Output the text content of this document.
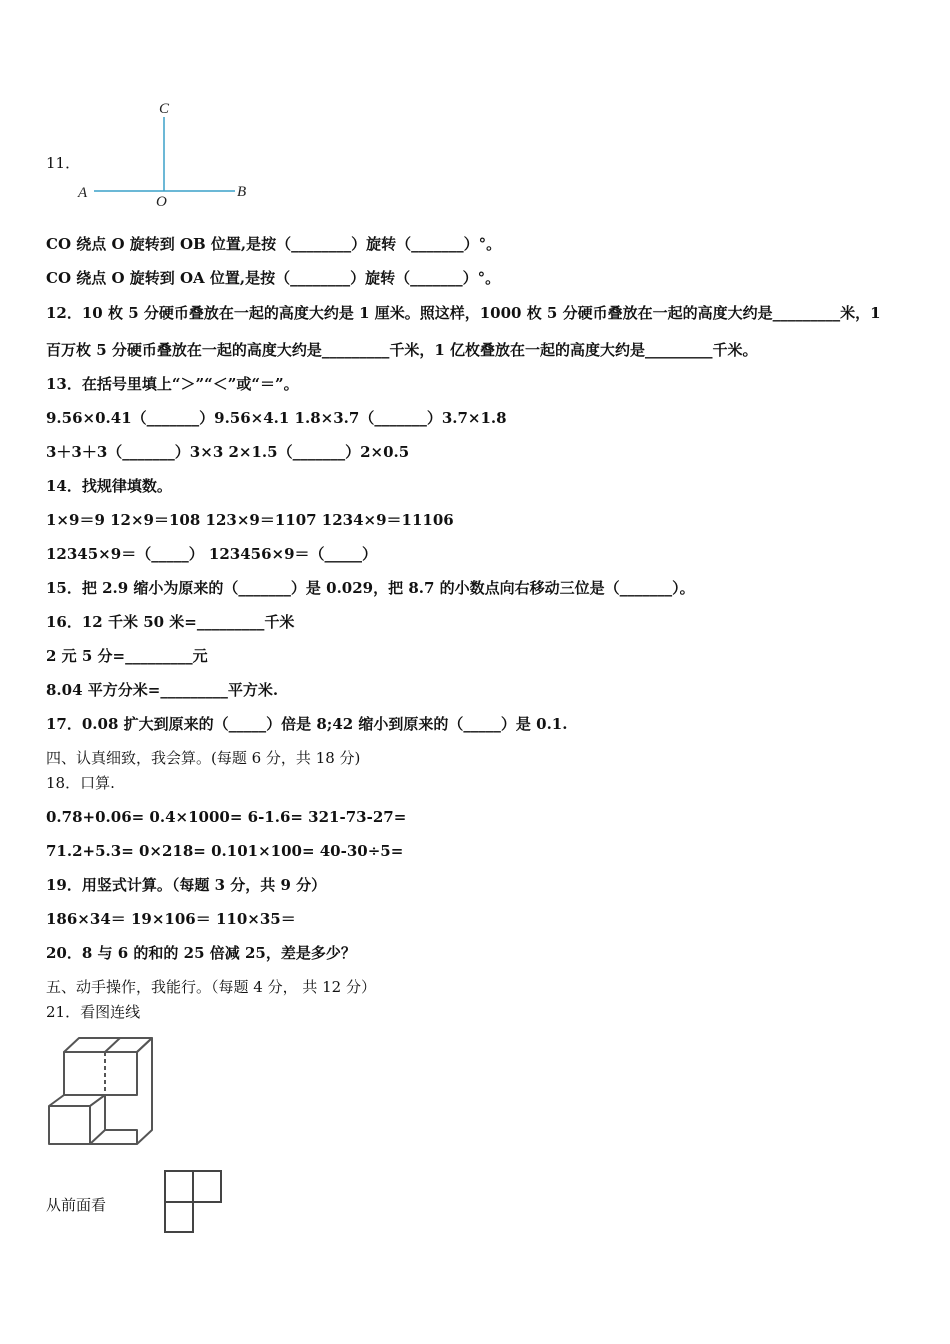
11．
C
A
O
B
CO 绕点 O 旋转到 OB 位置,是按（________）旋转（_______）°。
CO 绕点 O 旋转到 OA 位置,是按（________）旋转（_______）°。
12．10 枚 5 分硬币叠放在一起的高度大约是 1 厘米。照这样，1000 枚 5 分硬币叠放在一起的高度大约是_________米，1
百万枚 5 分硬币叠放在一起的高度大约是_________千米，1 亿枚叠放在一起的高度大约是_________千米。
13．在括号里填上“＞”“＜”或“＝”。
9.56×0.41（_______）9.56×4.1 1.8×3.7（_______）3.7×1.8
3＋3＋3（_______）3×3 2×1.5（_______）2×0.5
14．找规律填数。
1×9＝9 12×9＝108 123×9＝1107 1234×9＝11106
12345×9＝（_____） 123456×9＝（_____）
15．把 2.9 缩小为原来的（_______）是 0.029，把 8.7 的小数点向右移动三位是（_______）。
16．12 千米 50 米=_________千米
2 元 5 分=_________元
8.04 平方分米=_________平方米.
17．0.08 扩大到原来的（_____）倍是 8;42 缩小到原来的（_____）是 0.1.
四、认真细致，我会算。(每题 6 分，共 18 分)
18．口算.
0.78+0.06= 0.4×1000= 6-1.6= 321-73-27=
71.2+5.3= 0×218= 0.101×100= 40-30÷5=
19．用竖式计算。（每题 3 分，共 9 分）
186×34＝ 19×106＝ 110×35＝
20．8 与 6 的和的 25 倍减 25，差是多少？
五、动手操作，我能行。（每题 4 分， 共 12 分）
21．看图连线
从前面看
